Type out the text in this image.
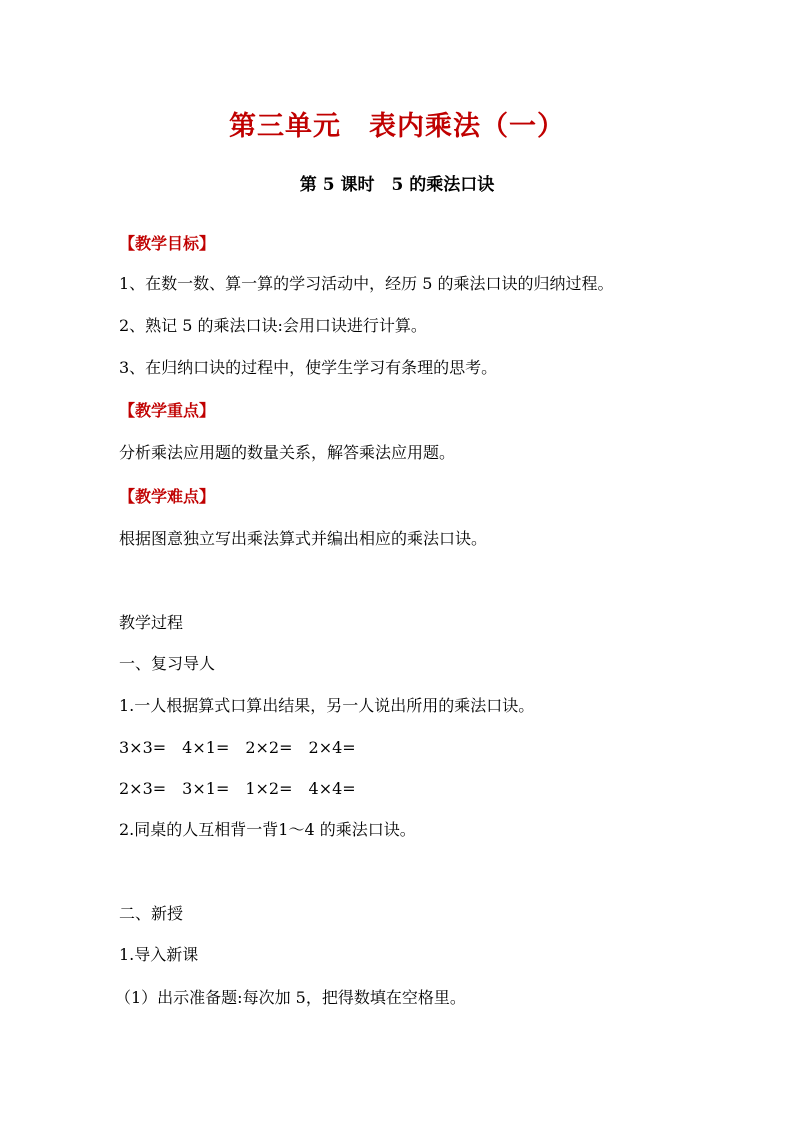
第三单元　表内乘法（一）
第 5 课时　5 的乘法口诀
【教学目标】
1、在数一数、算一算的学习活动中，经历 5 的乘法口诀的归纳过程。
2、熟记 5 的乘法口诀:会用口诀进行计算。
3、在归纳口诀的过程中，使学生学习有条理的思考。
【教学重点】
分析乘法应用题的数量关系，解答乘法应用题。
【教学难点】
根据图意独立写出乘法算式并编出相应的乘法口诀。
教学过程
一、复习导人
1.一人根据算式口算出结果，另一人说出所用的乘法口诀。
3×3=　4×1=　2×2=　2×4=
2×3=　3×1=　1×2=　4×4=
2.同桌的人互相背一背1～4 的乘法口诀。
二、新授
1.导入新课
（1）出示准备题:每次加 5，把得数填在空格里。
